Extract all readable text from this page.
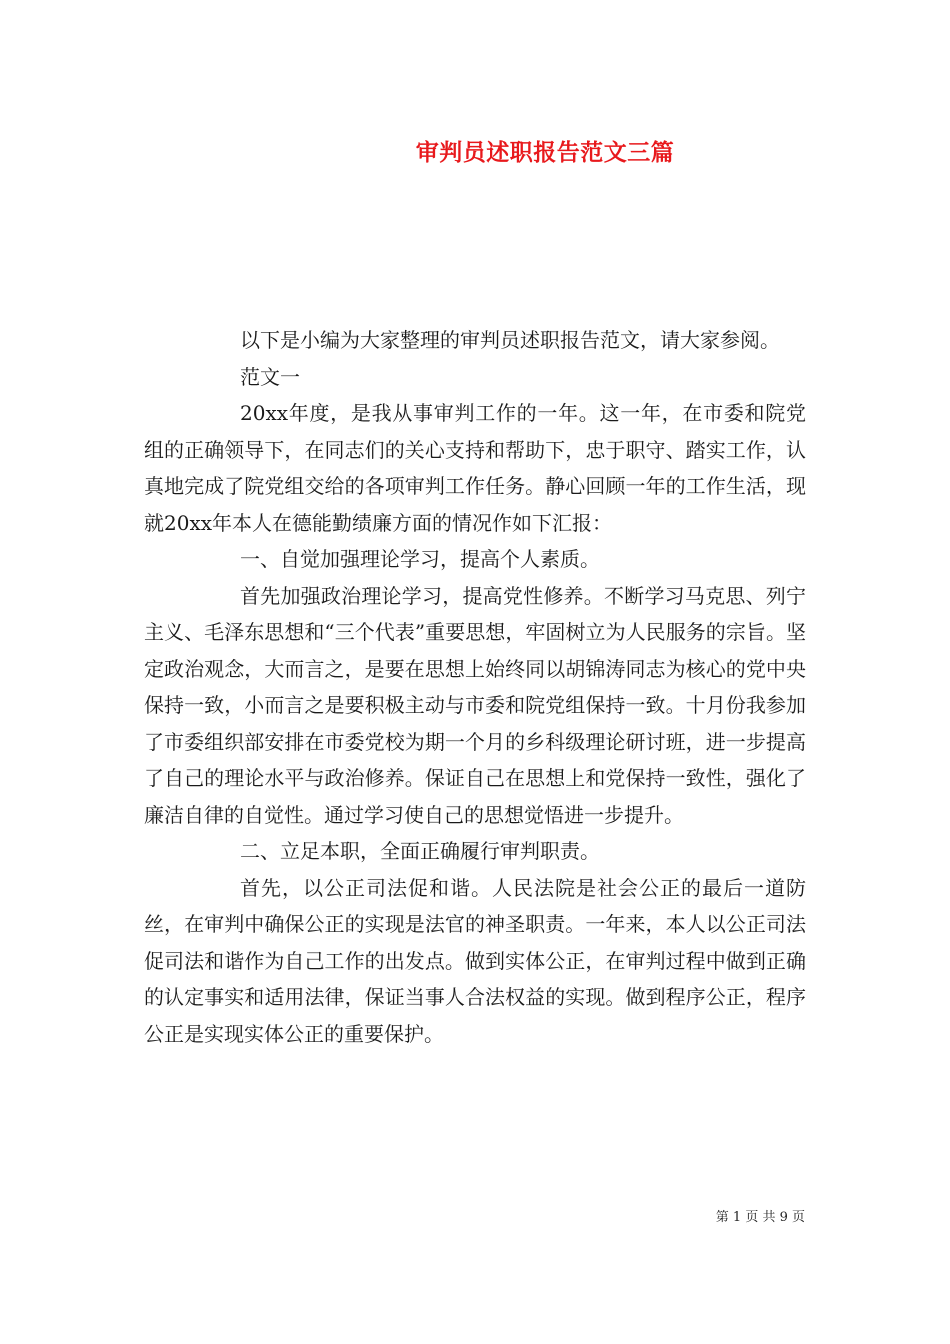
审判员述职报告范文三篇

以下是小编为大家整理的审判员述职报告范文，请大家参阅。

范文一

20xx年度，是我从事审判工作的一年。这一年，在市委和院党组的正确领导下，在同志们的关心支持和帮助下，忠于职守、踏实工作，认真地完成了院党组交给的各项审判工作任务。静心回顾一年的工作生活，现就20xx年本人在德能勤绩廉方面的情况作如下汇报：

一、自觉加强理论学习，提高个人素质。

首先加强政治理论学习，提高党性修养。不断学习马克思、列宁主义、毛泽东思想和“三个代表”重要思想，牢固树立为人民服务的宗旨。坚定政治观念，大而言之，是要在思想上始终同以胡锦涛同志为核心的党中央保持一致，小而言之是要积极主动与市委和院党组保持一致。十月份我参加了市委组织部安排在市委党校为期一个月的乡科级理论研讨班，进一步提高了自己的理论水平与政治修养。保证自己在思想上和党保持一致性，强化了廉洁自律的自觉性。通过学习使自己的思想觉悟进一步提升。

二、立足本职，全面正确履行审判职责。

首先，以公正司法促和谐。人民法院是社会公正的最后一道防丝，在审判中确保公正的实现是法官的神圣职责。一年来，本人以公正司法促司法和谐作为自己工作的出发点。做到实体公正，在审判过程中做到正确的认定事实和适用法律，保证当事人合法权益的实现。做到程序公正，程序公正是实现实体公正的重要保护。

第 1 页 共 9 页
